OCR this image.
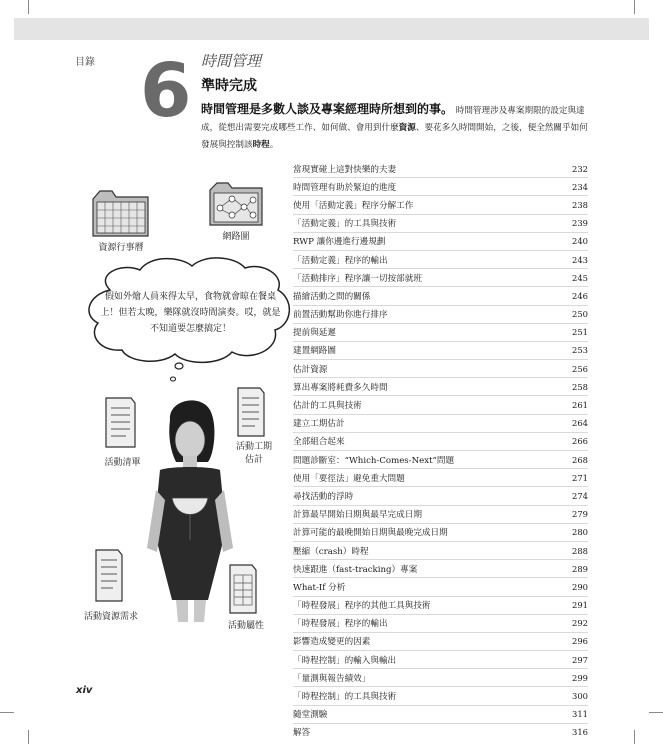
目錄 6 時間管理
準時完成
時間管理是多數人談及專案經理時所想到的事。 時間管理涉及專案期限的設定與達成，從想出需要完成哪些工作、如何做、會用到什麼資源、要花多久時間開始，之後，便全然關乎如何發展與控制該時程。
資源行事曆
網路圖
假如外燴人員來得太早，食物就會晾在餐桌上！但若太晚，樂隊就沒時間演奏。哎，就是不知道要怎麼搞定！
活動清單
活動工期估計
活動資源需求
活動屬性
當現實碰上這對快樂的夫妻	232
時間管理有助於緊迫的進度	234
使用「活動定義」程序分解工作	238
「活動定義」的工具與技術	239
RWP 讓你邊進行邊規劃	240
「活動定義」程序的輸出	243
「活動排序」程序讓一切按部就班	245
描繪活動之間的關係	246
前置活動幫助你進行排序	250
提前與延遲	251
建置網路圖	253
估計資源	256
算出專案將耗費多久時間	258
估計的工具與技術	261
建立工期估計	264
全部組合起來	266
問題診斷室：“Which-Comes-Next”問題	268
使用「要徑法」避免重大問題	271
尋找活動的浮時	274
計算最早開始日期與最早完成日期	279
計算可能的最晚開始日期與最晚完成日期	280
壓縮（crash）時程	288
快速跟進（fast-tracking）專案	289
What-If 分析	290
「時程發展」程序的其他工具與技術	291
「時程發展」程序的輸出	292
影響造成變更的因素	296
「時程控制」的輸入與輸出	297
「量測與報告績效」	299
「時程控制」的工具與技術	300
隨堂測驗	311
解答	316
xiv
